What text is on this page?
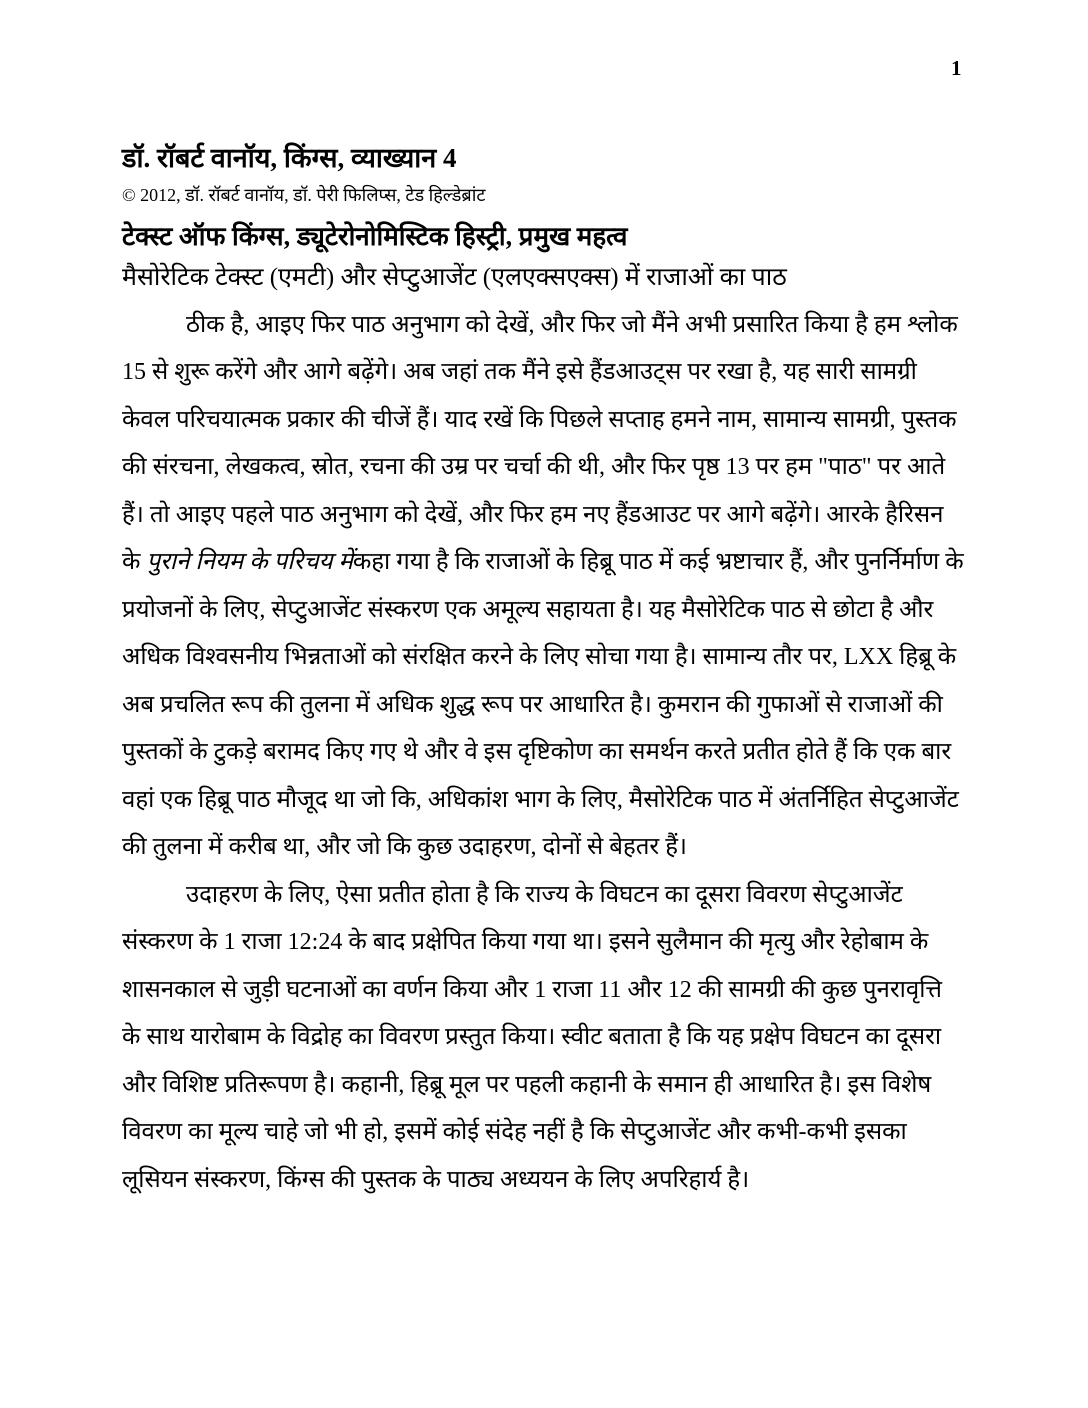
1
डॉ. रॉबर्ट वानॉय, किंग्स, व्याख्यान 4
© 2012, डॉ. रॉबर्ट वानॉय, डॉ. पेरी फिलिप्स, टेड हिल्डेब्रांट
टेक्स्ट ऑफ किंग्स, ड्यूटेरोनोमिस्टिक हिस्ट्री, प्रमुख महत्व
मैसोरेटिक टेक्स्ट (एमटी) और सेप्टुआजेंट (एलएक्सएक्स) में राजाओं का पाठ

ठीक है, आइए फिर पाठ अनुभाग को देखें, और फिर जो मैंने अभी प्रसारित किया है हम श्लोक 15 से शुरू करेंगे और आगे बढ़ेंगे। अब जहां तक मैंने इसे हैंडआउट्स पर रखा है, यह सारी सामग्री केवल परिचयात्मक प्रकार की चीजें हैं। याद रखें कि पिछले सप्ताह हमने नाम, सामान्य सामग्री, पुस्तक की संरचना, लेखकत्व, स्रोत, रचना की उम्र पर चर्चा की थी, और फिर पृष्ठ 13 पर हम "पाठ" पर आते हैं। तो आइए पहले पाठ अनुभाग को देखें, और फिर हम नए हैंडआउट पर आगे बढ़ेंगे। आरके हैरिसन के पुराने नियम के परिचय मेंकहा गया है कि राजाओं के हिब्रू पाठ में कई भ्रष्टाचार हैं, और पुनर्निर्माण के प्रयोजनों के लिए, सेप्टुआजेंट संस्करण एक अमूल्य सहायता है। यह मैसोरेटिक पाठ से छोटा है और अधिक विश्वसनीय भिन्नताओं को संरक्षित करने के लिए सोचा गया है। सामान्य तौर पर, LXX हिब्रू के अब प्रचलित रूप की तुलना में अधिक शुद्ध रूप पर आधारित है। कुमरान की गुफाओं से राजाओं की पुस्तकों के टुकड़े बरामद किए गए थे और वे इस दृष्टिकोण का समर्थन करते प्रतीत होते हैं कि एक बार वहां एक हिब्रू पाठ मौजूद था जो कि, अधिकांश भाग के लिए, मैसोरेटिक पाठ में अंतर्निहित सेप्टुआजेंट की तुलना में करीब था, और जो कि कुछ उदाहरण, दोनों से बेहतर हैं।

उदाहरण के लिए, ऐसा प्रतीत होता है कि राज्य के विघटन का दूसरा विवरण सेप्टुआजेंट संस्करण के 1 राजा 12:24 के बाद प्रक्षेपित किया गया था। इसने सुलैमान की मृत्यु और रेहोबाम के शासनकाल से जुड़ी घटनाओं का वर्णन किया और 1 राजा 11 और 12 की सामग्री की कुछ पुनरावृत्ति के साथ यारोबाम के विद्रोह का विवरण प्रस्तुत किया। स्वीट बताता है कि यह प्रक्षेप विघटन का दूसरा और विशिष्ट प्रतिरूपण है। कहानी, हिब्रू मूल पर पहली कहानी के समान ही आधारित है। इस विशेष विवरण का मूल्य चाहे जो भी हो, इसमें कोई संदेह नहीं है कि सेप्टुआजेंट और कभी-कभी इसका लूसियन संस्करण, किंग्स की पुस्तक के पाठ्य अध्ययन के लिए अपरिहार्य है।
